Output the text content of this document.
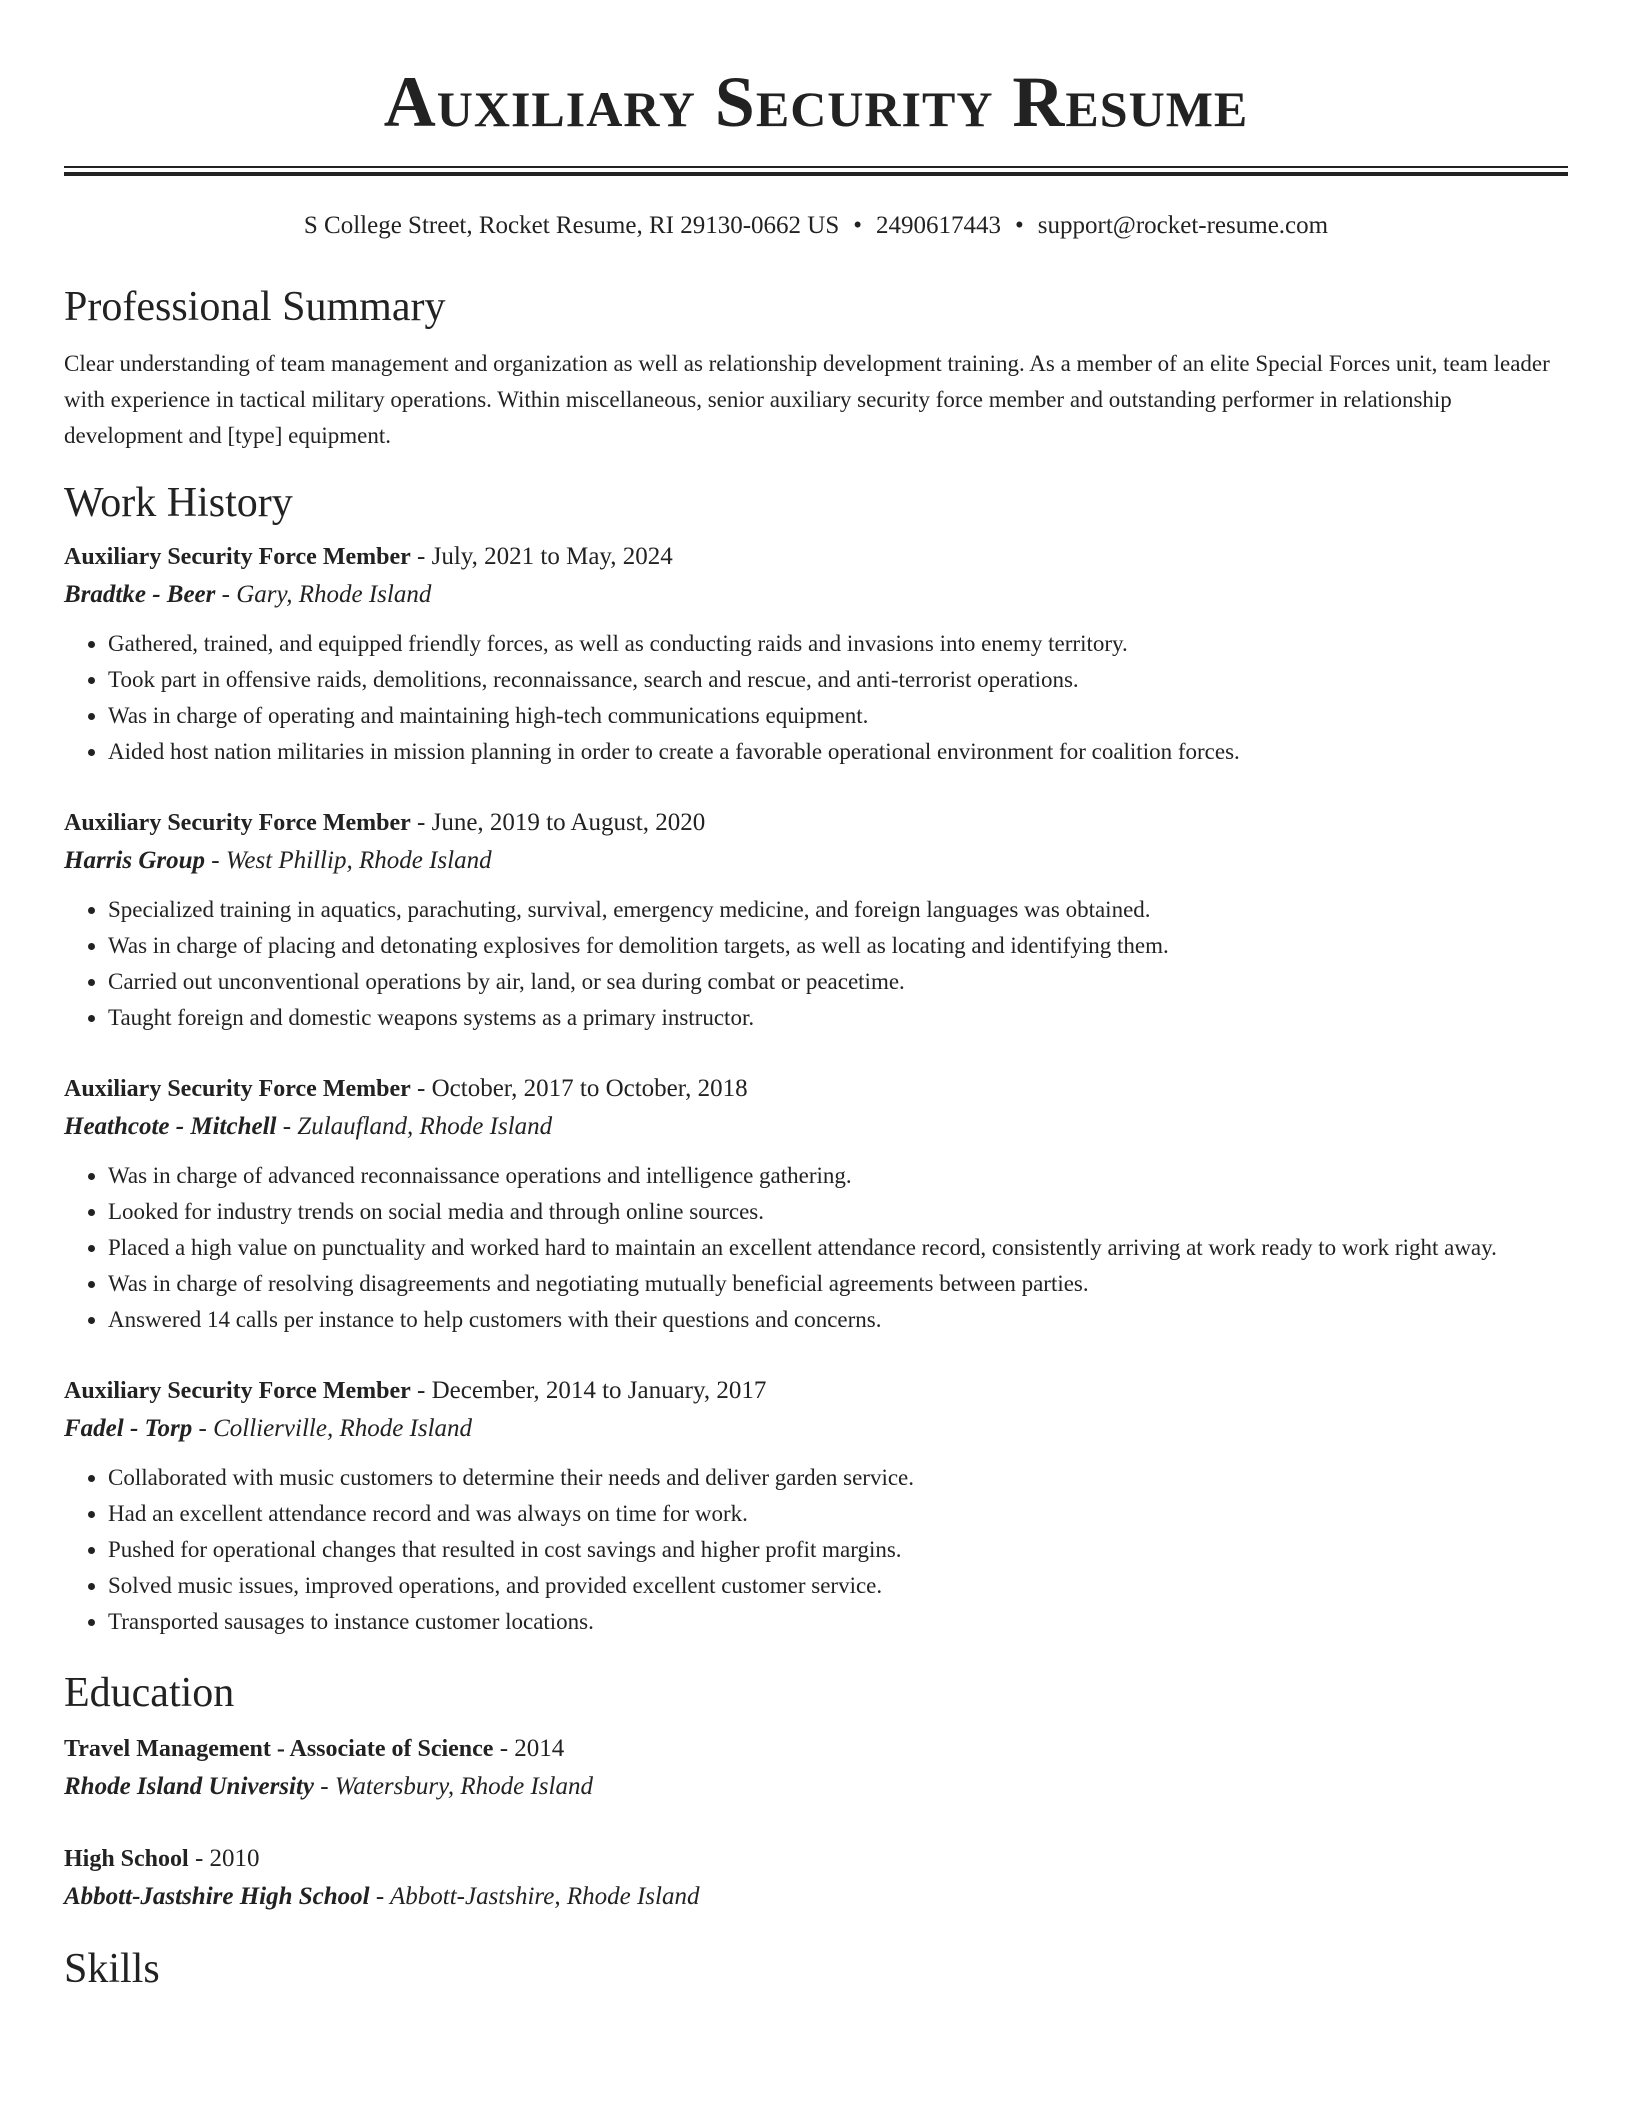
Auxiliary Security Resume
S College Street, Rocket Resume, RI 29130-0662 US • 2490617443 • support@rocket-resume.com
Professional Summary

Clear understanding of team management and organization as well as relationship development training. As a member of an elite Special Forces unit, team leader with experience in tactical military operations. Within miscellaneous, senior auxiliary security force member and outstanding performer in relationship development and [type] equipment.

Work History
Auxiliary Security Force Member - July, 2021 to May, 2024
Bradtke - Beer - Gary, Rhode Island
• Gathered, trained, and equipped friendly forces, as well as conducting raids and invasions into enemy territory.
• Took part in offensive raids, demolitions, reconnaissance, search and rescue, and anti-terrorist operations.
• Was in charge of operating and maintaining high-tech communications equipment.
• Aided host nation militaries in mission planning in order to create a favorable operational environment for coalition forces.
Auxiliary Security Force Member - June, 2019 to August, 2020
Harris Group - West Phillip, Rhode Island
• Specialized training in aquatics, parachuting, survival, emergency medicine, and foreign languages was obtained.
• Was in charge of placing and detonating explosives for demolition targets, as well as locating and identifying them.
• Carried out unconventional operations by air, land, or sea during combat or peacetime.
• Taught foreign and domestic weapons systems as a primary instructor.
Auxiliary Security Force Member - October, 2017 to October, 2018
Heathcote - Mitchell - Zulaufland, Rhode Island
• Was in charge of advanced reconnaissance operations and intelligence gathering.
• Looked for industry trends on social media and through online sources.
• Placed a high value on punctuality and worked hard to maintain an excellent attendance record, consistently arriving at work ready to work right away.
• Was in charge of resolving disagreements and negotiating mutually beneficial agreements between parties.
• Answered 14 calls per instance to help customers with their questions and concerns.
Auxiliary Security Force Member - December, 2014 to January, 2017
Fadel - Torp - Collierville, Rhode Island
• Collaborated with music customers to determine their needs and deliver garden service.
• Had an excellent attendance record and was always on time for work.
• Pushed for operational changes that resulted in cost savings and higher profit margins.
• Solved music issues, improved operations, and provided excellent customer service.
• Transported sausages to instance customer locations.
Education
Travel Management - Associate of Science - 2014
Rhode Island University - Watersbury, Rhode Island
High School - 2010
Abbott-Jastshire High School - Abbott-Jastshire, Rhode Island
Skills
